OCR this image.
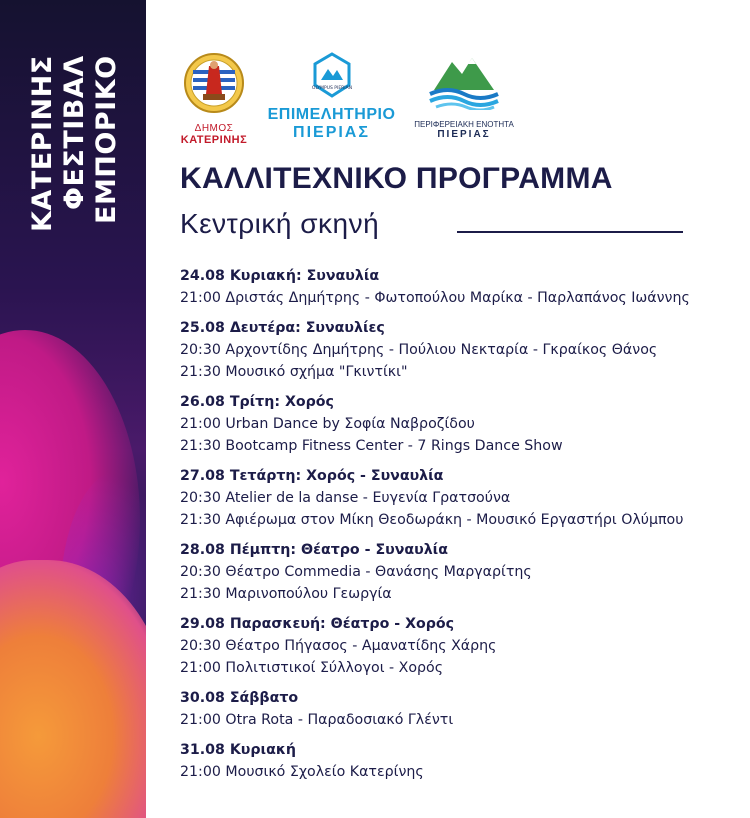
ΕΜΠΟΡΙΚΟ
ΦΕΣΤΙΒΑΛ
ΚΑΤΕΡΙΝΗΣ	ΔΗΜΟΣ
ΚΑΤΕΡΙΝΗΣ
OLYMPUS PIERIAN
ΕΠΙΜΕΛΗΤΗΡΙΟ
ΠΙΕΡΙΑΣ	ΠΕΡΙΦΕΡΕΙΑΚΗ ΕΝΟΤΗΤΑ
ΠΙΕΡΙΑΣ
ΚΑΛΛΙΤΕΧΝΙΚΟ ΠΡΟΓΡΑΜΜΑ
Κεντρική σκηνή
24.08 Κυριακή: Συναυλία
21:00 Δριστάς Δημήτρης - Φωτοπούλου Μαρίκα - Παρλαπάνος Ιωάννης
25.08 Δευτέρα: Συναυλίες
20:30 Αρχοντίδης Δημήτρης - Πούλιου Νεκταρία - Γκραίκος Θάνος
21:30 Μουσικό σχήμα "Γκιντίκι"
26.08 Τρίτη: Χορός
21:00 Urban Dance by Σοφία Ναβροζίδου
21:30 Bootcamp Fitness Center - 7 Rings Dance Show
27.08 Τετάρτη: Χορός - Συναυλία
20:30 Atelier de la danse - Ευγενία Γρατσούνα
21:30 Αφιέρωμα στον Μίκη Θεοδωράκη - Μουσικό Εργαστήρι Ολύμπου
28.08 Πέμπτη: Θέατρο - Συναυλία
20:30 Θέατρο Commedia - Θανάσης Μαργαρίτης
21:30 Μαρινοπούλου Γεωργία
29.08 Παρασκευή: Θέατρο - Χορός
20:30 Θέατρο Πήγασος - Αμανατίδης Χάρης
21:00 Πολιτιστικοί Σύλλογοι - Χορός
30.08 Σάββατο
21:00 Otra Rota - Παραδοσιακό Γλέντι
31.08 Κυριακή
21:00 Μουσικό Σχολείο Κατερίνης
